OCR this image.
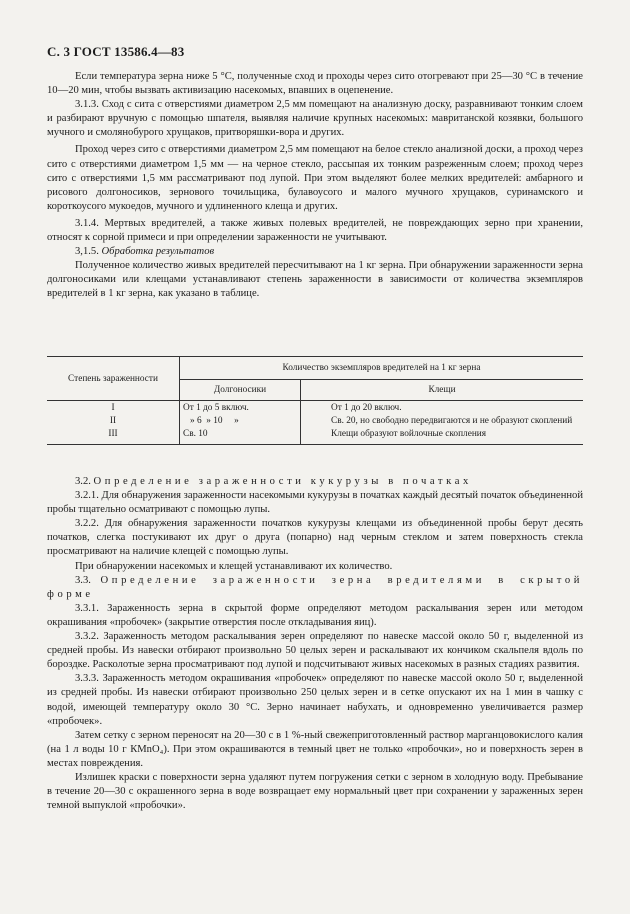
С. 3 ГОСТ 13586.4—83

Если температура зерна ниже 5 °С, полученные сход и проходы через сито отогревают при 25—30 °С в течение 10—20 мин, чтобы вызвать активизацию насекомых, впавших в оцепенение.

3.1.3. Сход с сита с отверстиями диаметром 2,5 мм помещают на анализную доску, разравнивают тонким слоем и разбирают вручную с помощью шпателя, выявляя наличие крупных насекомых: мавританской козявки, большого мучного и смолянобурого хрущаков, притворяшки-вора и других.

Проход через сито с отверстиями диаметром 2,5 мм помещают на белое стекло анализной доски, а проход через сито с отверстиями диаметром 1,5 мм — на черное стекло, рассыпая их тонким разреженным слоем; проход через сито с отверстиями 1,5 мм рассматривают под лупой. При этом выделяют более мелких вредителей: амбарного и рисового долгоносиков, зернового точильщика, булавоусого и малого мучного хрущаков, суринамского и короткоусого мукоедов, мучного и удлиненного клеща и других.

3.1.4. Мертвых вредителей, а также живых полевых вредителей, не повреждающих зерно при хранении, относят к сорной примеси и при определении зараженности не учитывают.

3,1.5. Обработка результатов

Полученное количество живых вредителей пересчитывают на 1 кг зерна. При обнаружении зараженности зерна долгоносиками или клещами устанавливают степень зараженности в зависимости от количества экземпляров вредителей в 1 кг зерна, как указано в таблице.

Степень зараженности	Количество экземпляров вредителей на 1 кг зерна	
	Долгоносики	Клещи
I	От 1 до 5 включ.	От 1 до 20 включ.

II	» 6  » 10     »	Св. 20, но свободно передвигаются и не образуют скоплений

III	Св. 10	Клещи образуют войлочные скопления

3.2. Определение зараженности кукурузы в початках

3.2.1. Для обнаружения зараженности насекомыми кукурузы в початках каждый десятый початок объединенной пробы тщательно осматривают с помощью лупы.

3.2.2. Для обнаружения зараженности початков кукурузы клещами из объединенной пробы берут десять початков, слегка постукивают их друг о друга (попарно) над черным стеклом и затем поверхность стекла просматривают на наличие клещей с помощью лупы.

При обнаружении насекомых и клещей устанавливают их количество.

3.3. Определение зараженности зерна вредителями в скрытой форме

3.3.1. Зараженность зерна в скрытой форме определяют методом раскалывания зерен или методом окрашивания «пробочек» (закрытие отверстия после откладывания яиц).

3.3.2. Зараженность методом раскалывания зерен определяют по навеске массой около 50 г, выделенной из средней пробы. Из навески отбирают произвольно 50 целых зерен и раскалывают их кончиком скальпеля вдоль по бороздке. Расколотые зерна просматривают под лупой и подсчитывают живых насекомых в разных стадиях развития.

3.3.3. Зараженность методом окрашивания «пробочек» определяют по навеске массой около 50 г, выделенной из средней пробы. Из навески отбирают произвольно 250 целых зерен и в сетке опускают их на 1 мин в чашку с водой, имеющей температуру около 30 °С. Зерно начинает набухать, и одновременно увеличивается размер «пробочек».

Затем сетку с зерном переносят на 20—30 с в 1 %-ный свежеприготовленный раствор марганцовокислого калия (на 1 л воды 10 г КМnО₄). При этом окрашиваются в темный цвет не только «пробочки», но и поверхность зерен в местах повреждения.

Излишек краски с поверхности зерна удаляют путем погружения сетки с зерном в холодную воду. Пребывание в течение 20—30 с окрашенного зерна в воде возвращает ему нормальный цвет при сохранении у зараженных зерен темной выпуклой «пробочки».
